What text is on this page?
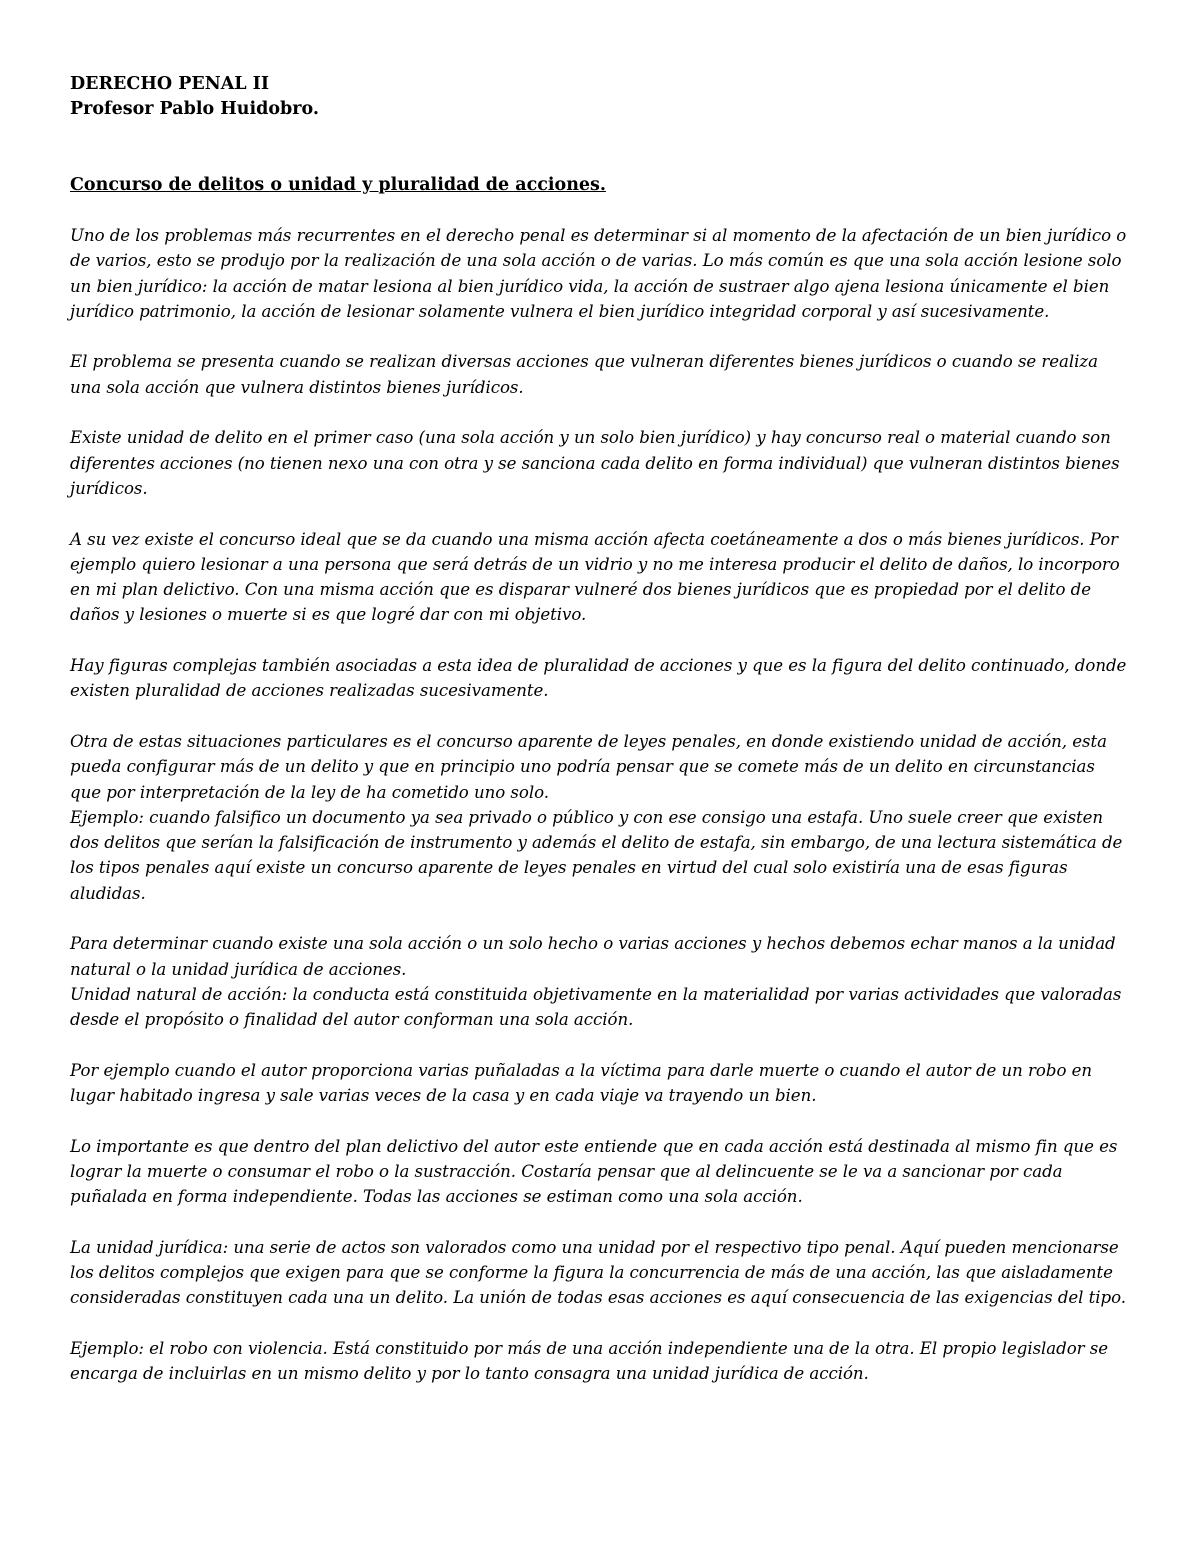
DERECHO PENAL II

Profesor Pablo Huidobro.

Concurso de delitos o unidad y pluralidad de acciones.

Uno de los problemas más recurrentes en el derecho penal es determinar si al momento de la afectación de un bien jurídico o de varios, esto se produjo por la realización de una sola acción o de varias. Lo más común es que una sola acción lesione solo un bien jurídico: la acción de matar lesiona al bien jurídico vida, la acción de sustraer algo ajena lesiona únicamente el bien jurídico patrimonio, la acción de lesionar solamente vulnera el bien jurídico integridad corporal y así sucesivamente.

El problema se presenta cuando se realizan diversas acciones que vulneran diferentes bienes jurídicos o cuando se realiza una sola acción que vulnera distintos bienes jurídicos.

Existe unidad de delito en el primer caso (una sola acción y un solo bien jurídico) y hay concurso real o material cuando son diferentes acciones (no tienen nexo una con otra y se sanciona cada delito en forma individual) que vulneran distintos bienes jurídicos.

A su vez existe el concurso ideal que se da cuando una misma acción afecta coetáneamente a dos o más bienes jurídicos. Por ejemplo quiero lesionar a una persona que será detrás de un vidrio y no me interesa producir el delito de daños, lo incorporo en mi plan delictivo. Con una misma acción que es disparar vulneré dos bienes jurídicos que es propiedad por el delito de daños y lesiones o muerte si es que logré dar con mi objetivo.

Hay figuras complejas también asociadas a esta idea de pluralidad de acciones y que es la figura del delito continuado, donde existen pluralidad de acciones realizadas sucesivamente.

Otra de estas situaciones particulares es el concurso aparente de leyes penales, en donde existiendo unidad de acción, esta pueda configurar más de un delito y que en principio uno podría pensar que se comete más de un delito en circunstancias que por interpretación de la ley de ha cometido uno solo.

Ejemplo: cuando falsifico un documento ya sea privado o público y con ese consigo una estafa. Uno suele creer que existen dos delitos que serían la falsificación de instrumento y además el delito de estafa, sin embargo, de una lectura sistemática de los tipos penales aquí existe un concurso aparente de leyes penales en virtud del cual solo existiría una de esas figuras aludidas.

Para determinar cuando existe una sola acción o un solo hecho o varias acciones y hechos debemos echar manos a la unidad natural o la unidad jurídica de acciones.

Unidad natural de acción: la conducta está constituida objetivamente en la materialidad por varias actividades que valoradas desde el propósito o finalidad del autor conforman una sola acción.

Por ejemplo cuando el autor proporciona varias puñaladas a la víctima para darle muerte o cuando el autor de un robo en lugar habitado ingresa y sale varias veces de la casa y en cada viaje va trayendo un bien.

Lo importante es que dentro del plan delictivo del autor este entiende que en cada acción está destinada al mismo fin que es lograr la muerte o consumar el robo o la sustracción. Costaría pensar que al delincuente se le va a sancionar por cada puñalada en forma independiente. Todas las acciones se estiman como una sola acción.

La unidad jurídica: una serie de actos son valorados como una unidad por el respectivo tipo penal. Aquí pueden mencionarse los delitos complejos que exigen para que se conforme la figura la concurrencia de más de una acción, las que aisladamente consideradas constituyen cada una un delito. La unión de todas esas acciones es aquí consecuencia de las exigencias del tipo.

Ejemplo: el robo con violencia. Está constituido por más de una acción independiente una de la otra. El propio legislador se encarga de incluirlas en un mismo delito y por lo tanto consagra una unidad jurídica de acción.
